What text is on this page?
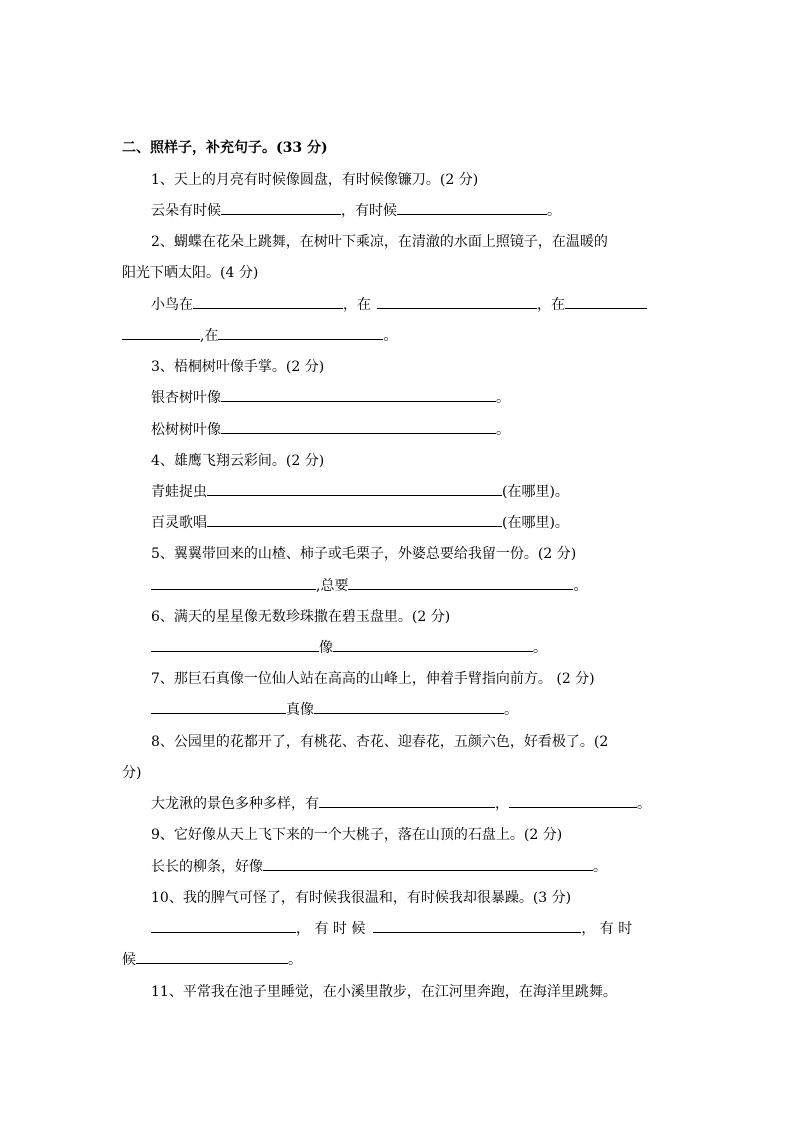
二、照样子，补充句子。(33 分)
1、天上的月亮有时候像圆盘，有时候像镰刀。(2 分)
云朵有时候	，有时候	。
2、蝴蝶在花朵上跳舞，在树叶下乘凉，在清澈的水面上照镜子，在温暖的
阳光下晒太阳。(4 分)
小鸟在	，在	，在
,在	。
3、梧桐树叶像手掌。(2 分)
银杏树叶像	。
松树树叶像	。
4、雄鹰飞翔云彩间。(2 分)
青蛙捉虫	(在哪里)。
百灵歌唱	(在哪里)。
5、翼翼带回来的山楂、柿子或毛栗子，外婆总要给我留一份。(2 分)
,总要	。
6、满天的星星像无数珍珠撒在碧玉盘里。(2 分)
像	。
7、那巨石真像一位仙人站在高高的山峰上，伸着手臂指向前方。 (2 分)
真像	。
8、公园里的花都开了，有桃花、杏花、迎春花，五颜六色，好看极了。(2
分)
大龙湫的景色多种多样，有	，	。
9、它好像从天上飞下来的一个大桃子，落在山顶的石盘上。(2 分)
长长的柳条，好像	。
10、我的脾气可怪了，有时候我很温和，有时候我却很暴躁。(3 分)
， 有 时 候	， 有 时
候	。
11、平常我在池子里睡觉，在小溪里散步，在江河里奔跑，在海洋里跳舞。
